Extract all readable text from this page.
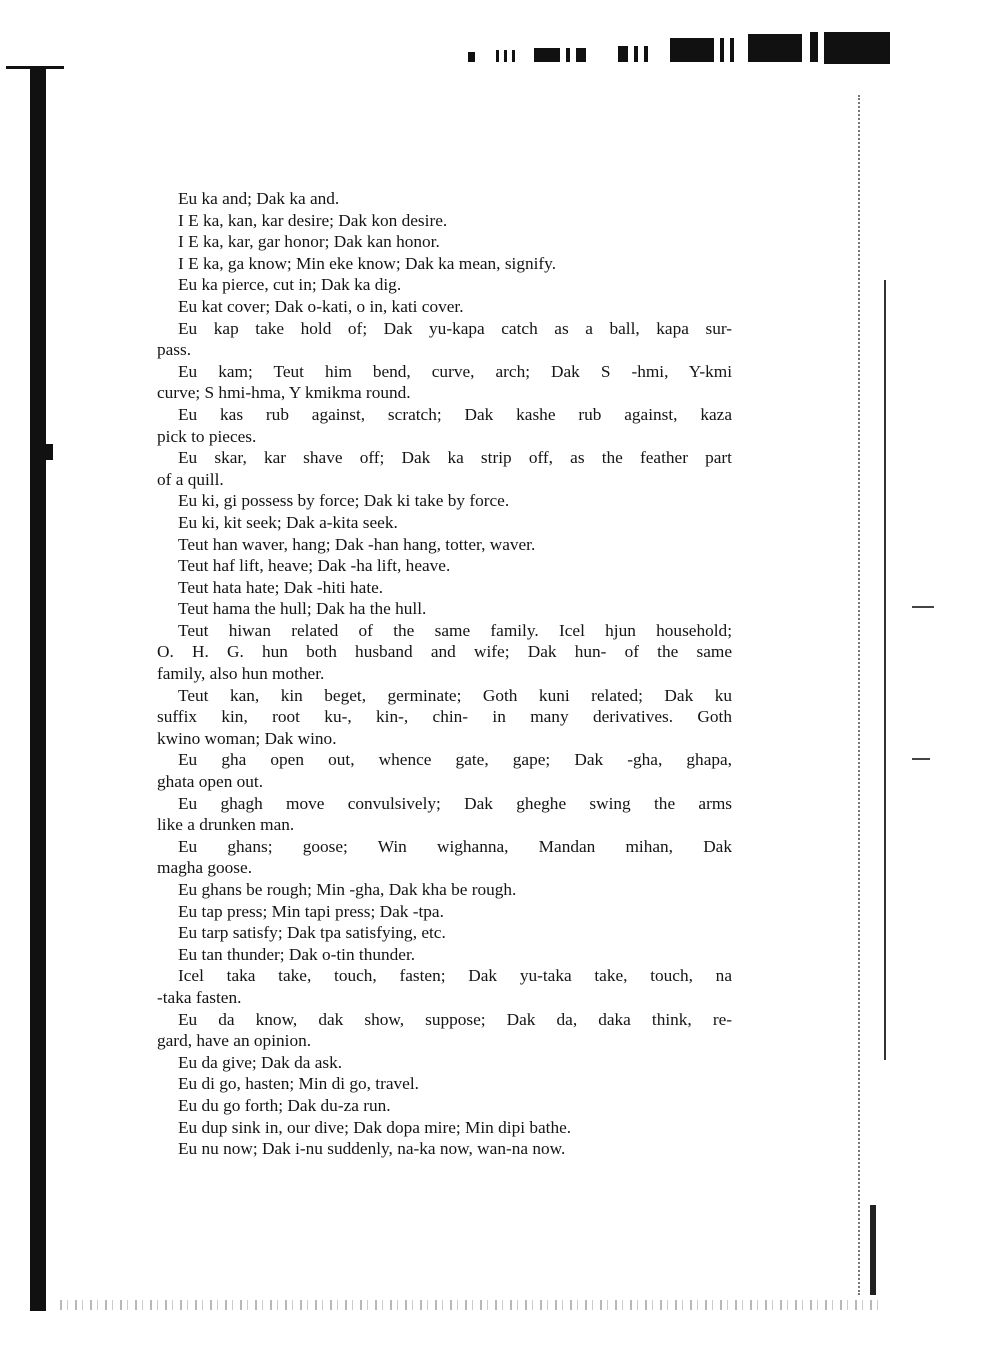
Eu ka and; Dak ka and.
I E ka, kan, kar desire; Dak kon desire.
I E ka, kar, gar honor; Dak kan honor.
I E ka, ga know; Min eke know; Dak ka mean, signify.
Eu ka pierce, cut in; Dak ka dig.
Eu kat cover; Dak o-kati, o in, kati cover.
Eu kap take hold of; Dak yu-kapa catch as a ball, kapa sur-
pass.
Eu kam; Teut him bend, curve, arch; Dak S -hmi, Y-kmi
curve; S hmi-hma, Y kmikma round.
Eu kas rub against, scratch; Dak kashe rub against, kaza
pick to pieces.
Eu skar, kar shave off; Dak ka strip off, as the feather part
of a quill.
Eu ki, gi possess by force; Dak ki take by force.
Eu ki, kit seek; Dak a-kita seek.
Teut han waver, hang; Dak -han hang, totter, waver.
Teut haf lift, heave; Dak -ha lift, heave.
Teut hata hate; Dak -hiti hate.
Teut hama the hull; Dak ha the hull.
Teut hiwan related of the same family. Icel hjun household;
O. H. G. hun both husband and wife; Dak hun- of the same
family, also hun mother.
Teut kan, kin beget, germinate; Goth kuni related; Dak ku
suffix kin, root ku-, kin-, chin- in many derivatives. Goth
kwino woman; Dak wino.
Eu gha open out, whence gate, gape; Dak -gha, ghapa,
ghata open out.
Eu ghagh move convulsively; Dak gheghe swing the arms
like a drunken man.
Eu ghans; goose; Win wighanna, Mandan mihan, Dak
magha goose.
Eu ghans be rough; Min -gha, Dak kha be rough.
Eu tap press; Min tapi press; Dak -tpa.
Eu tarp satisfy; Dak tpa satisfying, etc.
Eu tan thunder; Dak o-tin thunder.
Icel taka take, touch, fasten; Dak yu-taka take, touch, na
-taka fasten.
Eu da know, dak show, suppose; Dak da, daka think, re-
gard, have an opinion.
Eu da give; Dak da ask.
Eu di go, hasten; Min di go, travel.
Eu du go forth; Dak du-za run.
Eu dup sink in, our dive; Dak dopa mire; Min dipi bathe.
Eu nu now; Dak i-nu suddenly, na-ka now, wan-na now.
